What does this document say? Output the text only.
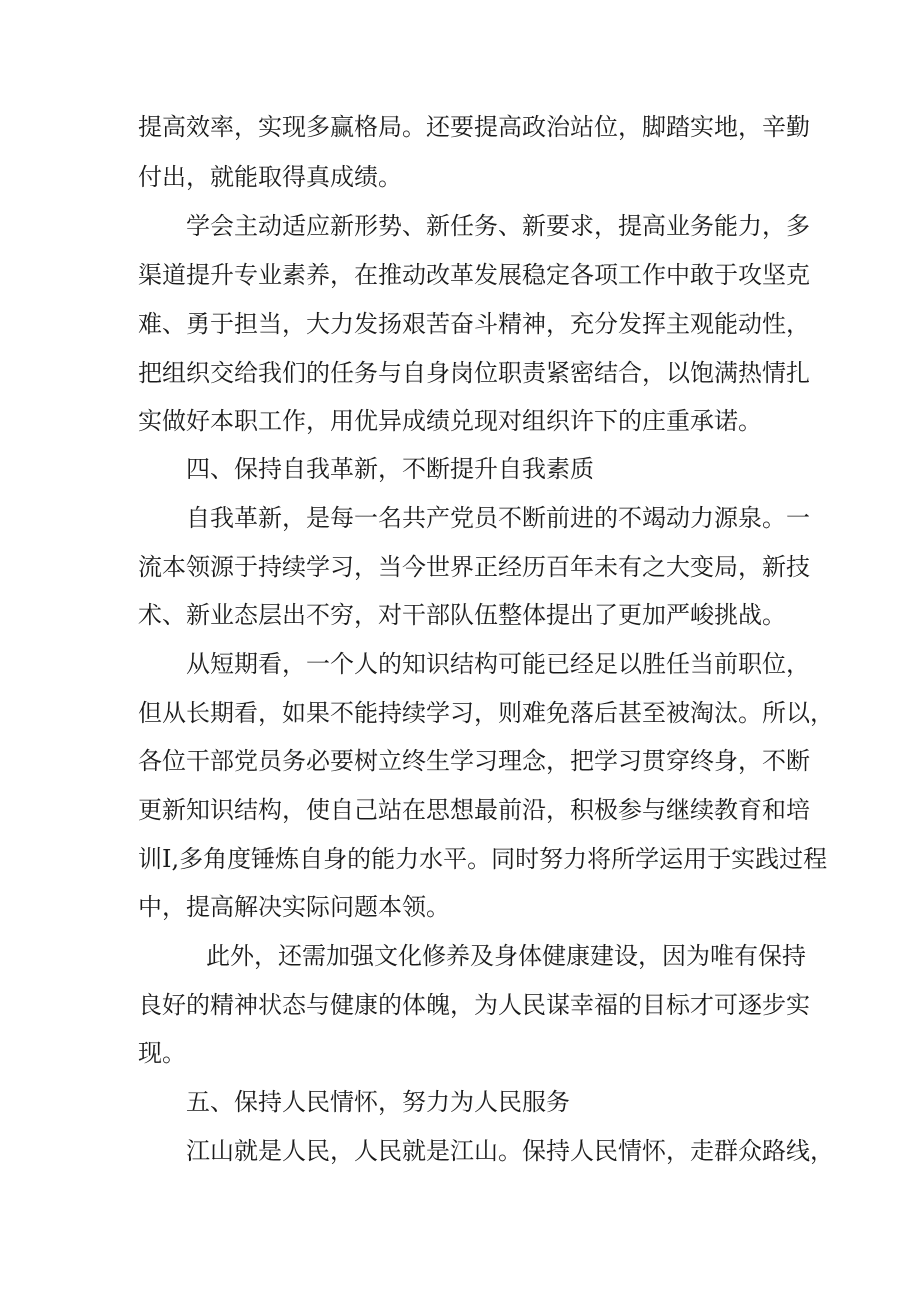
提高效率，实现多赢格局。还要提高政治站位，脚踏实地，辛勤
付出，就能取得真成绩。
学会主动适应新形势、新任务、新要求，提高业务能力，多
渠道提升专业素养，在推动改革发展稳定各项工作中敢于攻坚克
难、勇于担当，大力发扬艰苦奋斗精神，充分发挥主观能动性，
把组织交给我们的任务与自身岗位职责紧密结合，以饱满热情扎
实做好本职工作，用优异成绩兑现对组织许下的庄重承诺。
四、保持自我革新，不断提升自我素质
自我革新，是每一名共产党员不断前进的不竭动力源泉。一
流本领源于持续学习，当今世界正经历百年未有之大变局，新技
术、新业态层出不穷，对干部队伍整体提出了更加严峻挑战。
从短期看，一个人的知识结构可能已经足以胜任当前职位，
但从长期看，如果不能持续学习，则难免落后甚至被淘汰。所以，
各位干部党员务必要树立终生学习理念，把学习贯穿终身，不断
更新知识结构，使自己站在思想最前沿，积极参与继续教育和培
训I,多角度锤炼自身的能力水平。同时努力将所学运用于实践过程
中，提高解决实际问题本领。
此外，还需加强文化修养及身体健康建设，因为唯有保持
良好的精神状态与健康的体魄，为人民谋幸福的目标才可逐步实
现。
五、保持人民情怀，努力为人民服务
江山就是人民，人民就是江山。保持人民情怀，走群众路线，
